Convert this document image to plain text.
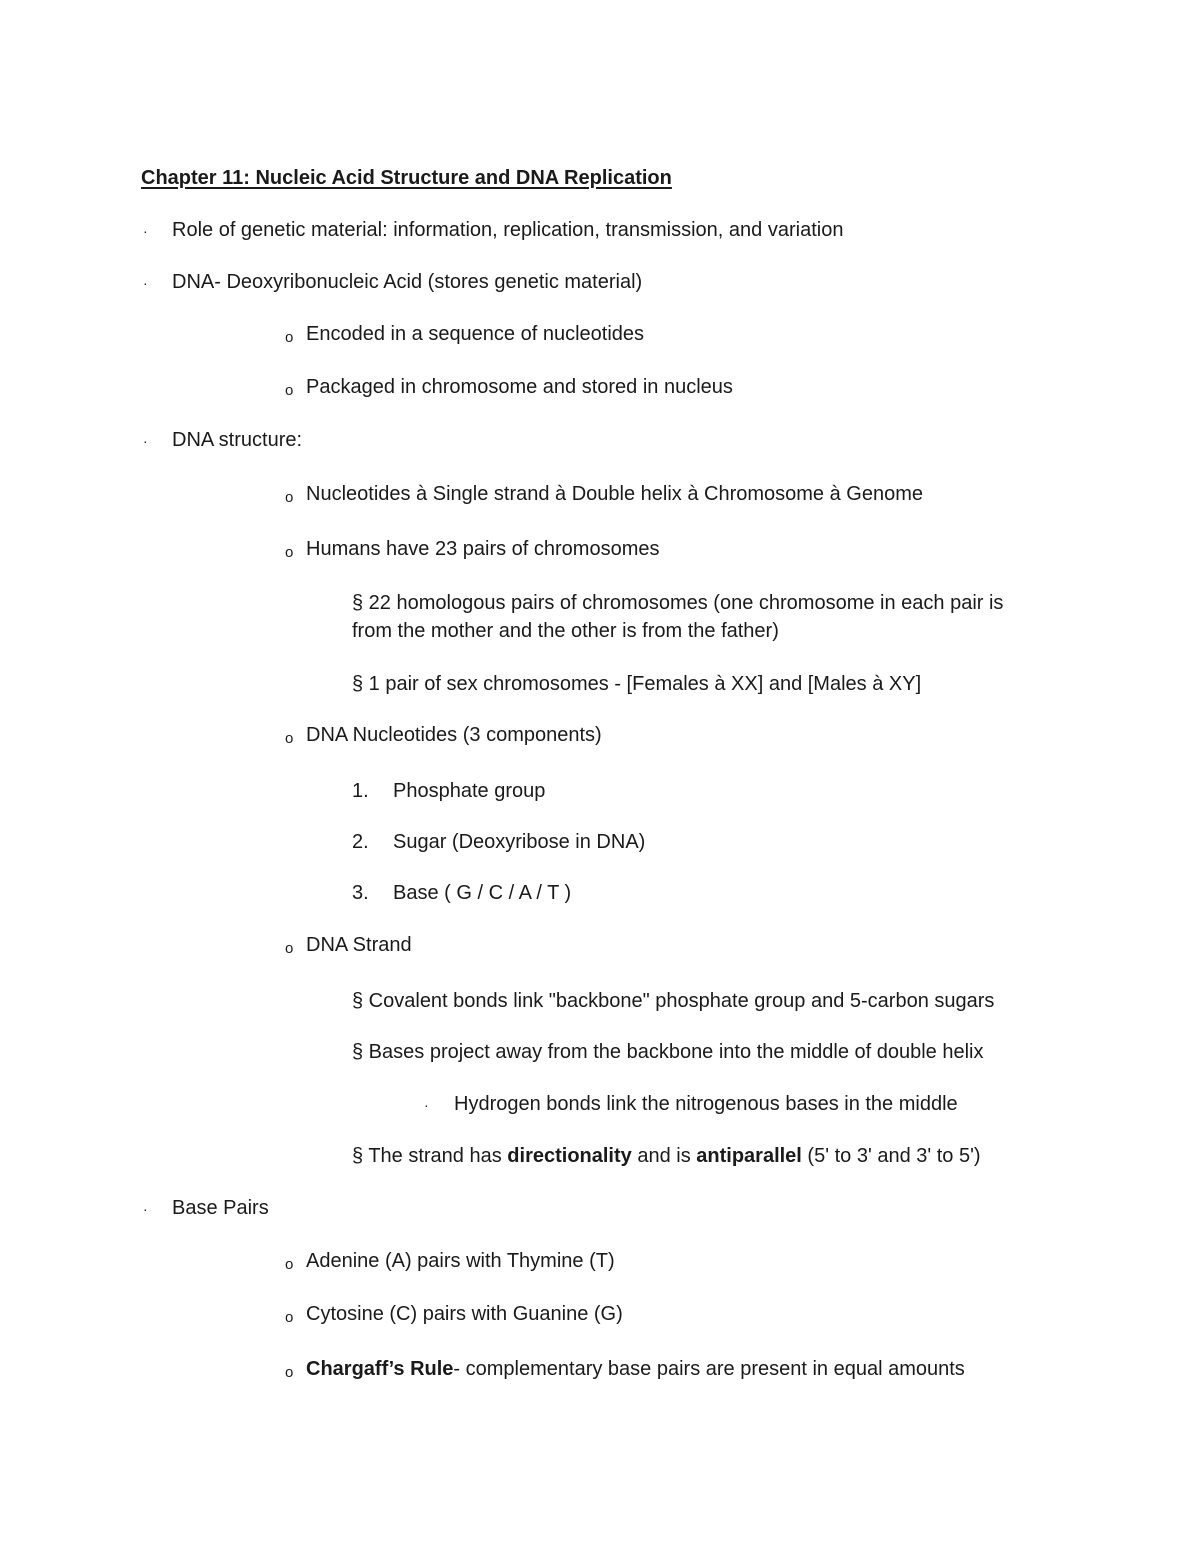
Chapter 11: Nucleic Acid Structure and DNA Replication
· Role of genetic material: information, replication, transmission, and variation
· DNA- Deoxyribonucleic Acid (stores genetic material)
o Encoded in a sequence of nucleotides
o Packaged in chromosome and stored in nucleus
· DNA structure:
o Nucleotides à Single strand à Double helix à Chromosome à Genome
o Humans have 23 pairs of chromosomes
§ 22 homologous pairs of chromosomes (one chromosome in each pair is
from the mother and the other is from the father)
§ 1 pair of sex chromosomes - [Females à XX] and [Males à XY]
o DNA Nucleotides (3 components)
1. Phosphate group
2. Sugar (Deoxyribose in DNA)
3. Base ( G / C / A / T )
o DNA Strand
§ Covalent bonds link "backbone" phosphate group and 5-carbon sugars
§ Bases project away from the backbone into the middle of double helix
· Hydrogen bonds link the nitrogenous bases in the middle
§ The strand has directionality and is antiparallel (5' to 3' and 3' to 5')
· Base Pairs
o Adenine (A) pairs with Thymine (T)
o Cytosine (C) pairs with Guanine (G)
o Chargaff’s Rule- complementary base pairs are present in equal amounts
